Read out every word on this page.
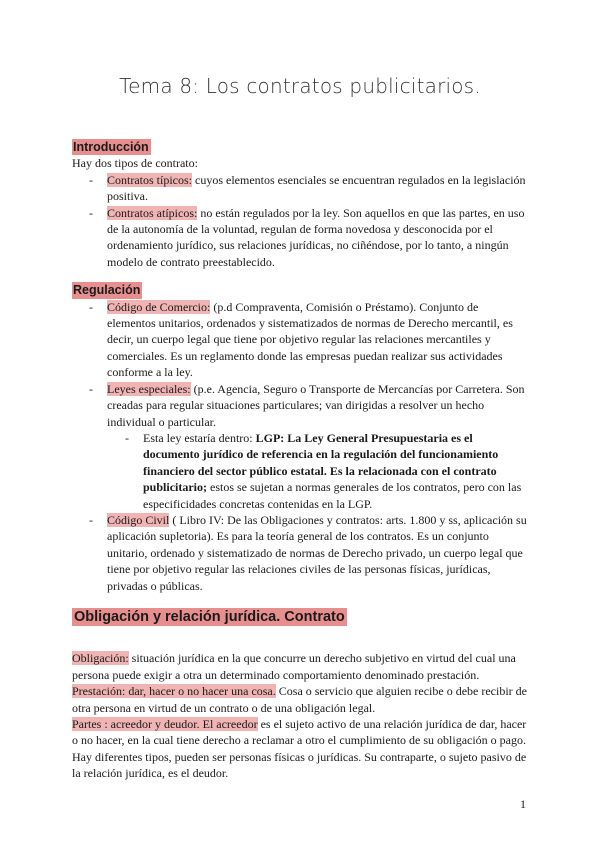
Tema 8: Los contratos publicitarios.
Introducción
Hay dos tipos de contrato:
- Contratos típicos: cuyos elementos esenciales se encuentran regulados en la legislación positiva.
- Contratos atípicos: no están regulados por la ley. Son aquellos en que las partes, en uso de la autonomía de la voluntad, regulan de forma novedosa y desconocida por el ordenamiento jurídico, sus relaciones jurídicas, no ciñéndose, por lo tanto, a ningún modelo de contrato preestablecido.
Regulación
- Código de Comercio: (p.d Compraventa, Comisión o Préstamo). Conjunto de elementos unitarios, ordenados y sistematizados de normas de Derecho mercantil, es decir, un cuerpo legal que tiene por objetivo regular las relaciones mercantiles y comerciales. Es un reglamento donde las empresas puedan realizar sus actividades conforme a la ley.
- Leyes especiales: (p.e. Agencia, Seguro o Transporte de Mercancías por Carretera. Son creadas para regular situaciones particulares; van dirigidas a resolver un hecho individual o particular.
- Esta ley estaría dentro: LGP: La Ley General Presupuestaria es el documento jurídico de referencia en la regulación del funcionamiento financiero del sector público estatal. Es la relacionada con el contrato publicitario; estos se sujetan a normas generales de los contratos, pero con las especificidades concretas contenidas en la LGP.
- Código Civil ( Libro IV: De las Obligaciones y contratos: arts. 1.800 y ss, aplicación su aplicación supletoria). Es para la teoría general de los contratos. Es un conjunto unitario, ordenado y sistematizado de normas de Derecho privado, un cuerpo legal que tiene por objetivo regular las relaciones civiles de las personas físicas, jurídicas, privadas o públicas.
Obligación y relación jurídica. Contrato
Obligación: situación jurídica en la que concurre un derecho subjetivo en virtud del cual una persona puede exigir a otra un determinado comportamiento denominado prestación.
Prestación: dar, hacer o no hacer una cosa. Cosa o servicio que alguien recibe o debe recibir de otra persona en virtud de un contrato o de una obligación legal.
Partes : acreedor y deudor. El acreedor es el sujeto activo de una relación jurídica de dar, hacer o no hacer, en la cual tiene derecho a reclamar a otro el cumplimiento de su obligación o pago. Hay diferentes tipos, pueden ser personas físicas o jurídicas. Su contraparte, o sujeto pasivo de la relación jurídica, es el deudor.
1
